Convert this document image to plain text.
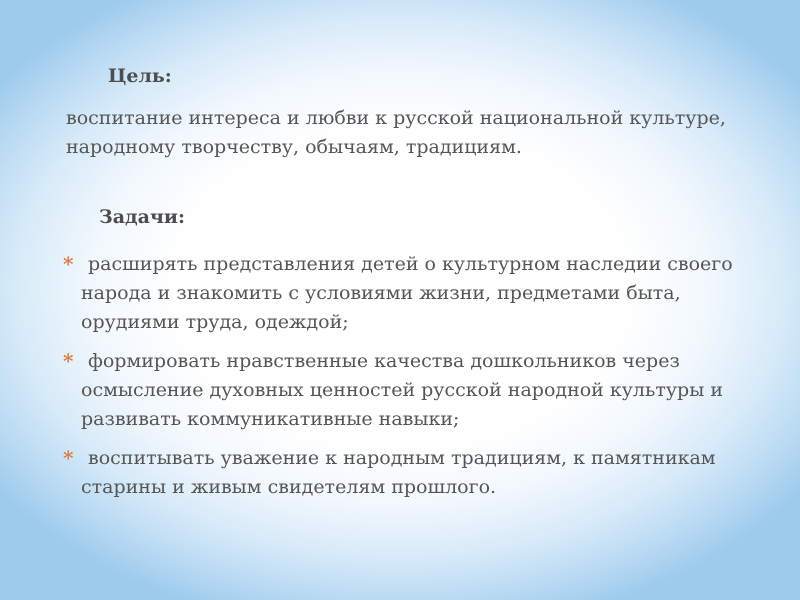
Цель:

воспитание интереса и любви к русской национальной культуре, народному творчеству, обычаям, традициям.

Задачи:
* расширять представления детей о культурном наследии своего народа и знакомить с условиями жизни, предметами быта, орудиями труда, одеждой;
* формировать нравственные качества дошкольников через осмысление духовных ценностей русской народной культуры и развивать коммуникативные навыки;
* воспитывать уважение к народным традициям, к памятникам старины и живым свидетелям прошлого.
